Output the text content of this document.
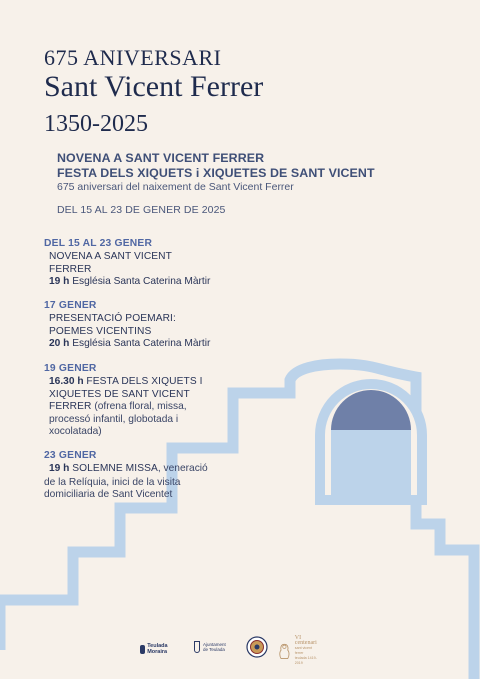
675 ANIVERSARI
Sant Vicent Ferrer
1350-2025
NOVENA A SANT VICENT FERRER
FESTA DELS XIQUETS i XIQUETES DE SANT VICENT
675 aniversari del naixement de Sant Vicent Ferrer
DEL 15 AL 23 DE GENER DE 2025
DEL 15 AL 23 GENER
NOVENA A SANT VICENT
FERRER
19 h Església Santa Caterina Màrtir
17 GENER
PRESENTACIÓ POEMARI:
POEMES VICENTINS
20 h Església Santa Caterina Màrtir
19 GENER
16.30 h FESTA DELS XIQUETS I
XIQUETES DE SANT VICENT
FERRER (ofrena floral, missa,
processó infantil, globotada i
xocolatada)
23 GENER
19 h SOLEMNE MISSA, veneració
de la Relíquia, inici de la visita
domiciliaria de Sant Vicentet
Teulada Moraira
Ajuntament de Teulada
VI centenari
sant vicent ferrer
teulada 1419-2019
